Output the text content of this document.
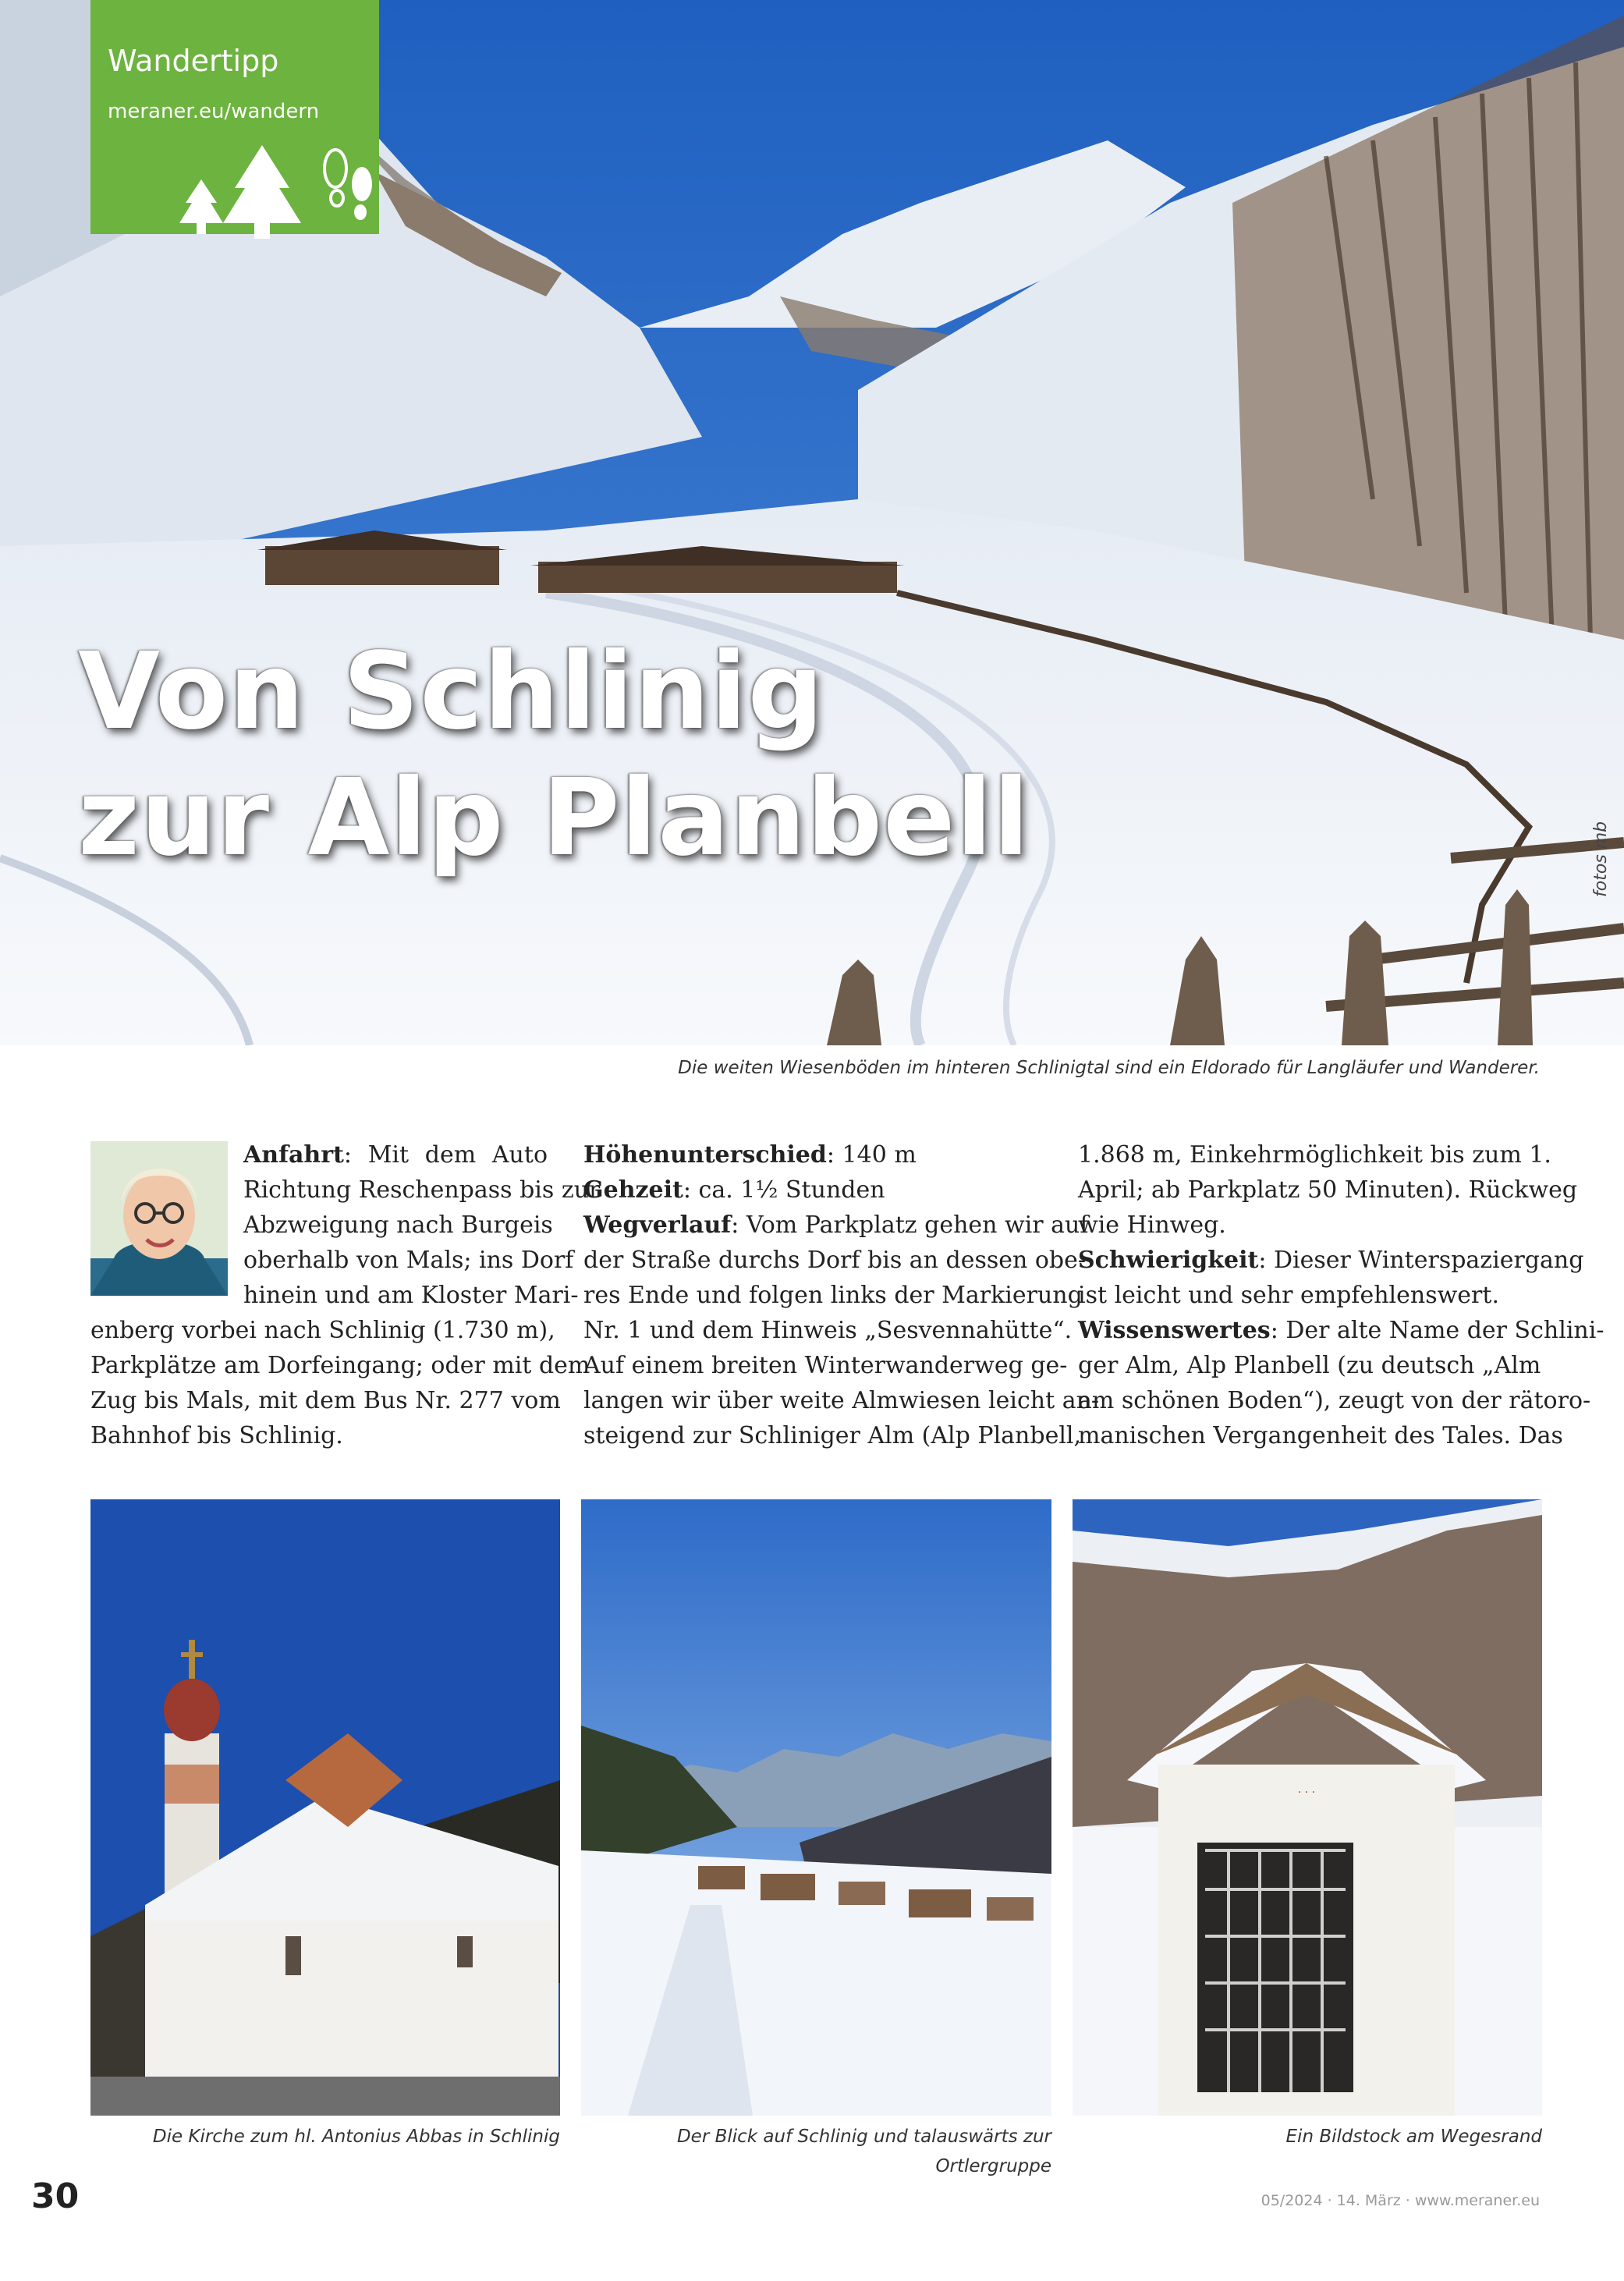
Wandertipp
meraner.eu/wandern
Von Schlinig
zur Alp Planbell	fotos mb
Die weiten Wiesenböden im hinteren Schlinigtal sind ein Eldorado für Langläufer und Wanderer.
Anfahrt: Mit dem Auto
Richtung Reschenpass bis zur
Abzweigung nach Burgeis
oberhalb von Mals; ins Dorf
hinein und am Kloster Mari-
enberg vorbei nach Schlinig (1.730 m),
Parkplätze am Dorfeingang; oder mit dem
Zug bis Mals, mit dem Bus Nr. 277 vom
Bahnhof bis Schlinig.
Höhenunterschied: 140 m
Gehzeit: ca. 1½ Stunden
Wegverlauf: Vom Parkplatz gehen wir auf
der Straße durchs Dorf bis an dessen obe-
res Ende und folgen links der Markierung
Nr. 1 und dem Hinweis „Sesvennahütte“.
Auf einem breiten Winterwanderweg ge-
langen wir über weite Almwiesen leicht an-
steigend zur Schliniger Alm (Alp Planbell,
1.868 m, Einkehrmöglichkeit bis zum 1.
April; ab Parkplatz 50 Minuten). Rückweg
wie Hinweg.
Schwierigkeit: Dieser Winterspaziergang
ist leicht und sehr empfehlenswert.
Wissenswertes: Der alte Name der Schlini-
ger Alm, Alp Planbell (zu deutsch „Alm
am schönen Boden“), zeugt von der rätoro-
manischen Vergangenheit des Tales. Das
· · ·
Die Kirche zum hl. Antonius Abbas in Schlinig	Der Blick auf Schlinig und talauswärts zur
Ortlergruppe
Ein Bildstock am Wegesrand
30	05/2024 · 14. März · www.meraner.eu
